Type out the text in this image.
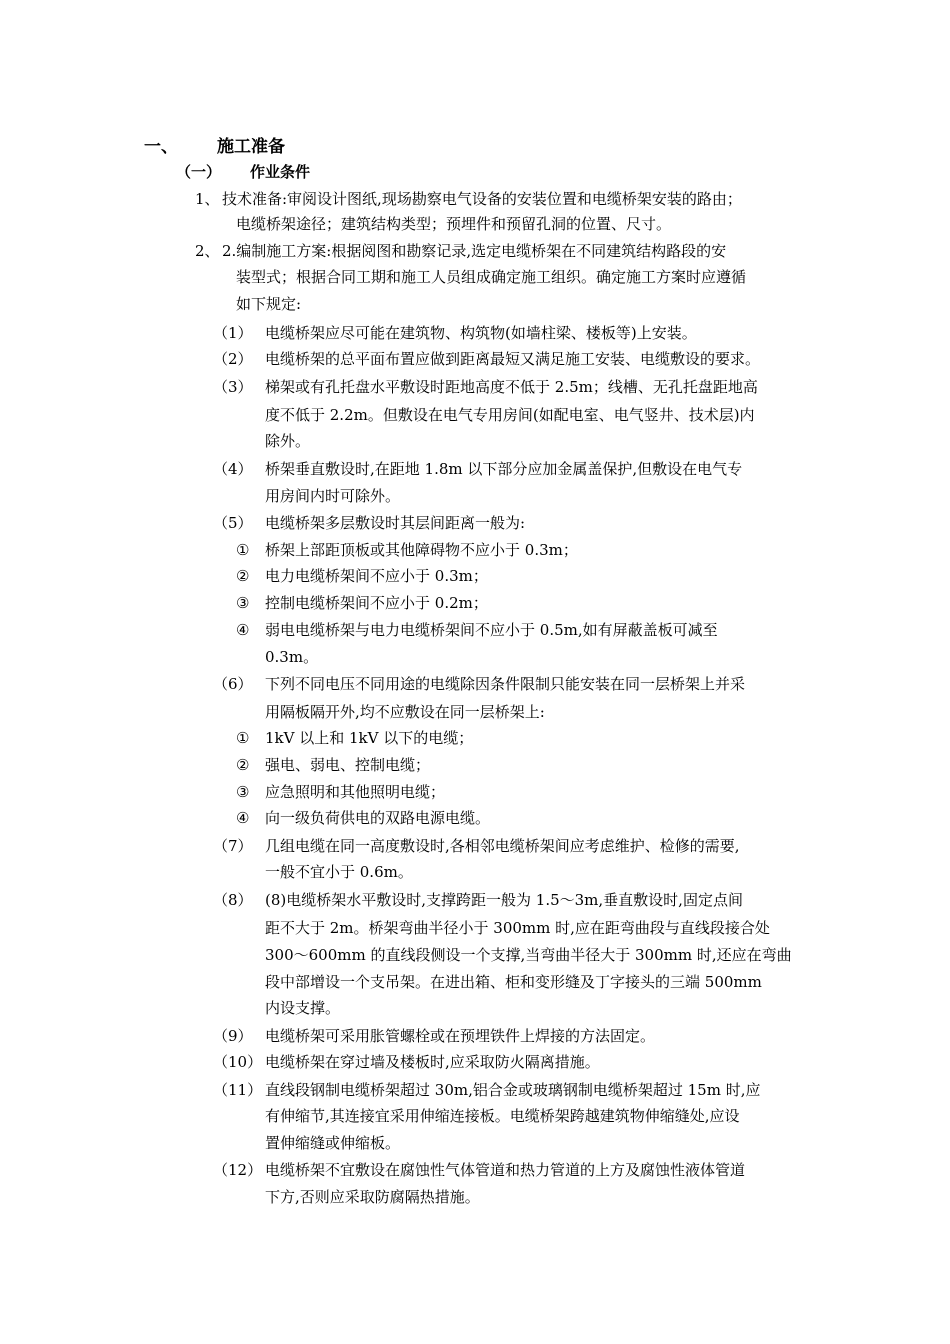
一、 施工准备
（一） 作业条件
1、 技术准备:审阅设计图纸,现场勘察电气设备的安装位置和电缆桥架安装的路由；
电缆桥架途径；建筑结构类型；预埋件和预留孔洞的位置、尺寸。
2、 2.编制施工方案:根据阅图和勘察记录,选定电缆桥架在不同建筑结构路段的安
装型式；根据合同工期和施工人员组成确定施工组织。确定施工方案时应遵循
如下规定:
（1） 电缆桥架应尽可能在建筑物、构筑物(如墙柱梁、楼板等)上安装。
（2） 电缆桥架的总平面布置应做到距离最短又满足施工安装、电缆敷设的要求。
（3） 梯架或有孔托盘水平敷设时距地高度不低于 2.5m；线槽、无孔托盘距地高
度不低于 2.2m。但敷设在电气专用房间(如配电室、电气竖井、技术层)内
除外。
（4） 桥架垂直敷设时,在距地 1.8m 以下部分应加金属盖保护,但敷设在电气专
用房间内时可除外。
（5） 电缆桥架多层敷设时其层间距离一般为:
① 桥架上部距顶板或其他障碍物不应小于 0.3m；
② 电力电缆桥架间不应小于 0.3m；
③ 控制电缆桥架间不应小于 0.2m；
④ 弱电电缆桥架与电力电缆桥架间不应小于 0.5m,如有屏蔽盖板可减至
0.3m。
（6） 下列不同电压不同用途的电缆除因条件限制只能安装在同一层桥架上并采
用隔板隔开外,均不应敷设在同一层桥架上:
① 1kV 以上和 1kV 以下的电缆；
② 强电、弱电、控制电缆；
③ 应急照明和其他照明电缆；
④ 向一级负荷供电的双路电源电缆。
（7） 几组电缆在同一高度敷设时,各相邻电缆桥架间应考虑维护、检修的需要,
一般不宜小于 0.6m。
（8） (8)电缆桥架水平敷设时,支撑跨距一般为 1.5～3m,垂直敷设时,固定点间
距不大于 2m。桥架弯曲半径小于 300mm 时,应在距弯曲段与直线段接合处
300～600mm 的直线段侧设一个支撑,当弯曲半径大于 300mm 时,还应在弯曲
段中部增设一个支吊架。在进出箱、柜和变形缝及丁字接头的三端 500mm
内设支撑。
（9） 电缆桥架可采用胀管螺栓或在预埋铁件上焊接的方法固定。
（10） 电缆桥架在穿过墙及楼板时,应采取防火隔离措施。
（11） 直线段钢制电缆桥架超过 30m,铝合金或玻璃钢制电缆桥架超过 15m 时,应
有伸缩节,其连接宜采用伸缩连接板。电缆桥架跨越建筑物伸缩缝处,应设
置伸缩缝或伸缩板。
（12） 电缆桥架不宜敷设在腐蚀性气体管道和热力管道的上方及腐蚀性液体管道
下方,否则应采取防腐隔热措施。
